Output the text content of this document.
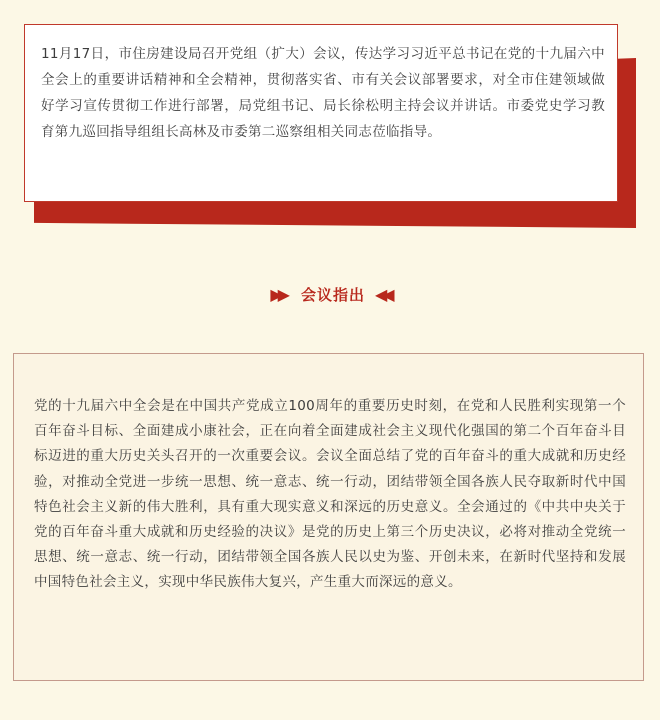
11月17日，市住房建设局召开党组（扩大）会议，传达学习习近平总书记在党的十九届六中全会上的重要讲话精神和全会精神，贯彻落实省、市有关会议部署要求，对全市住建领域做好学习宣传贯彻工作进行部署，局党组书记、局长徐松明主持会议并讲话。市委党史学习教育第九巡回指导组组长高林及市委第二巡察组相关同志莅临指导。

▶▶ 会议指出 ◀◀

党的十九届六中全会是在中国共产党成立100周年的重要历史时刻，在党和人民胜利实现第一个百年奋斗目标、全面建成小康社会，正在向着全面建成社会主义现代化强国的第二个百年奋斗目标迈进的重大历史关头召开的一次重要会议。会议全面总结了党的百年奋斗的重大成就和历史经验，对推动全党进一步统一思想、统一意志、统一行动，团结带领全国各族人民夺取新时代中国特色社会主义新的伟大胜利，具有重大现实意义和深远的历史意义。全会通过的《中共中央关于党的百年奋斗重大成就和历史经验的决议》是党的历史上第三个历史决议，必将对推动全党统一思想、统一意志、统一行动，团结带领全国各族人民以史为鉴、开创未来，在新时代坚持和发展中国特色社会主义，实现中华民族伟大复兴，产生重大而深远的意义。
